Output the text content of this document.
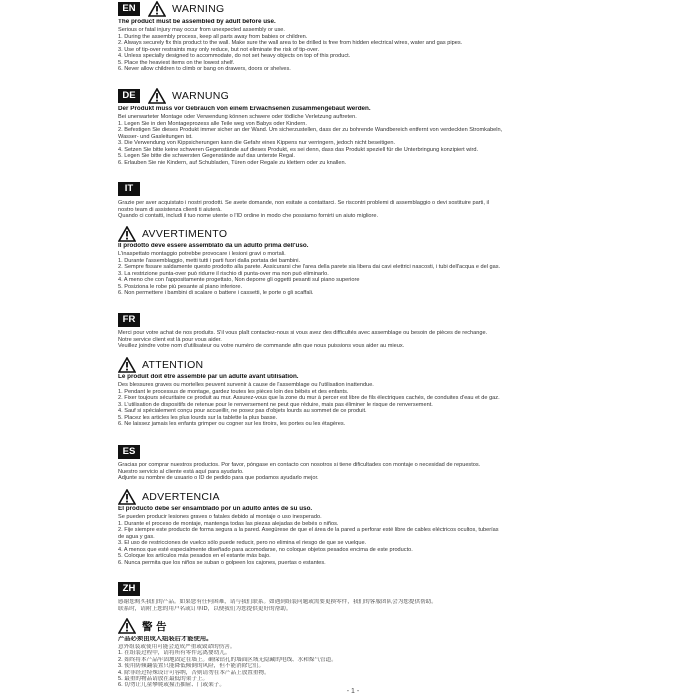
EN	WARNING
The product must be assembled by adult before use.
Serious or fatal injury may occur from unexpected assembly or use.
1. During the assembly process, keep all parts away from babies or children.
2. Always securely fix this product to the wall. Make sure the wall area to be drilled is free from hidden electrical wires, water and gas pipes.
3. Use of tip-over restraints may only reduce, but not eliminate the risk of tip-over.
4. Unless specially designed to accommodate, do not set heavy objects on top of this product.
5. Place the heaviest items on the lowest shelf.
6. Never allow children to climb or bang on drawers, doors or shelves.
DE	WARNUNG
Der Produkt muss vor Gebrauch von einem Erwachsenen zusammengebaut werden.
Bei unerwarteter Montage oder Verwendung können schwere oder tödliche Verletzung auftreten.
1. Legen Sie in den Montageprozess alle Teile weg von Babys oder Kindern.
2. Befestigen Sie dieses Produkt immer sicher an der Wand. Um sicherzustellen, dass der zu bohrende Wandbereich entfernt von verdeckten Stromkabeln,
Wasser- und Gasleitungen ist.
3. Die Verwendung von Kippsicherungen kann die Gefahr eines Kippens nur verringern, jedoch nicht beseitigen.
4. Setzen Sie bitte keine schweren Gegenstände auf dieses Produkt, es sei denn, dass das Produkt speziell für die Unterbringung konzipiert wird.
5. Legen Sie bitte die schwersten Gegenstände auf das unterste Regal.
6. Erlauben Sie nie Kindern, auf Schubladen, Türen oder Regale zu klettern oder zu knallen.
IT
Grazie per aver acquistato i nostri prodotti. Se avete domande, non esitate a contattarci. Se riscontri problemi di assemblaggio o devi sostituire parti, il
nostro team di assistenza clienti ti aiuterà.
Quando ci contatti, includi il tuo nome utente o l'ID ordine in modo che possiamo fornirti un aiuto migliore.
AVVERTIMENTO
Il prodotto deve essere assemblato da un adulto prima dell'uso.
L'inaspettato montaggio potrebbe provocare i lesioni gravi o mortali.
1. Durante l'assemblaggio, metti tutti i parti fuori dalla portata dei bambini.
2. Sempre fissare saldamente questo prodotto alla parete. Assicurarsi che l'area della parete sia libera dai cavi elettrici nascosti, i tubi dell'acqua e del gas.
3. La restrizione punta-over può ridurre il rischio di punta-over ma non può eliminarlo.
4. A meno che con l'appositamente progettato, Non deporre gli oggetti pesanti sul piano superiore
5. Posiziona le robe più pesante al piano inferiore.
6. Non permettere i bambini di scalare o battere i cassetti, le porte o gli scaffali.
FR
Merci pour votre achat de nos produits. S'il vous plaît contactez-nous si vous avez des difficultés avec assemblage ou besoin de pièces de rechange.
Notre service client est là pour vous aider.
Veuillez joindre votre nom d'utilisateur ou votre numéro de commande afin que nous puissions vous aider au mieux.
ATTENTION
Le produit doit être assemblé par un adulte avant utilisation.
Des blessures graves ou mortelles peuvent survenir à cause de l'assemblage ou l'utilisation inattendue.
1. Pendant le processus de montage, gardez toutes les pièces loin des bébés et des enfants.
2. Fixer toujours sécuritaire ce produit au mur. Assurez-vous que la zone du mur à percer est libre de fils électriques cachés, de conduites d'eau et de gaz.
3. L'utilisation de dispositifs de retenue pour le renversement ne peut que réduire, mais pas éliminer le risque de renversement.
4. Sauf si spécialement conçu pour accueillir, ne posez pas d'objets lourds au sommet de ce produit.
5. Placez les articles les plus lourds sur la tablette la plus basse.
6. Ne laissez jamais les enfants grimper ou cogner sur les tiroirs, les portes ou les étagères.
ES
Gracias por comprar nuestros productos. Por favor, póngase en contacto con nosotros si tiene dificultades con montaje o necesidad de repuestos.
Nuestro servicio al cliente está aquí para ayudarlo.
Adjunte su nombre de usuario o ID de pedido para que podamos ayudarlo mejor.
ADVERTENCIA
El producto debe ser ensamblado por un adulto antes de su uso.
Se pueden producir lesiones graves o fatales debido al montaje o uso inesperado.
1. Durante el proceso de montaje, mantenga todas las piezas alejadas de bebés o niños.
2. Fije siempre este producto de forma segura a la pared. Asegúrese de que el área de la pared a perforar esté libre de cables eléctricos ocultos, tuberías
de agua y gas.
3. El uso de restricciones de vuelco sólo puede reducir, pero no elimina el riesgo de que se vuelque.
4. A menos que esté especialmente diseñado para acomodarse, no coloque objetos pesados encima de este producto.
5. Coloque los artículos más pesados en el estante más bajo.
6. Nunca permita que los niños se suban o golpeen los cajones, puertas o estantes.
ZH
感谢您购买我们的产品。如果您有任何困难，请与我们联系。如遇到组装问题或需要更换零件，我们的客服团队会为您提供帮助。
联系时，请附上您的用户名或订单ID，以便我们为您提供更好的帮助。
警 告
产品必须由成人组装后才能使用。
意外组装或使用可能会造成严重或致命的伤害。
1. 在组装过程中，请将所有零件远离婴幼儿。
2. 始终将本产品牢固地固定在墙上。确保钻孔的墙面区域无隐藏的电线、水和煤气管道。
3. 使用防倾翻装置只能降低倾倒的风险，但不能消除它们。
4. 除非经过特殊设计可容纳，否则请勿在本产品上放置重物。
5. 最重的物品请放在最低的架子上。
6. 切勿让儿童攀爬或撞击抽屉、门或架子。
- 1 -
